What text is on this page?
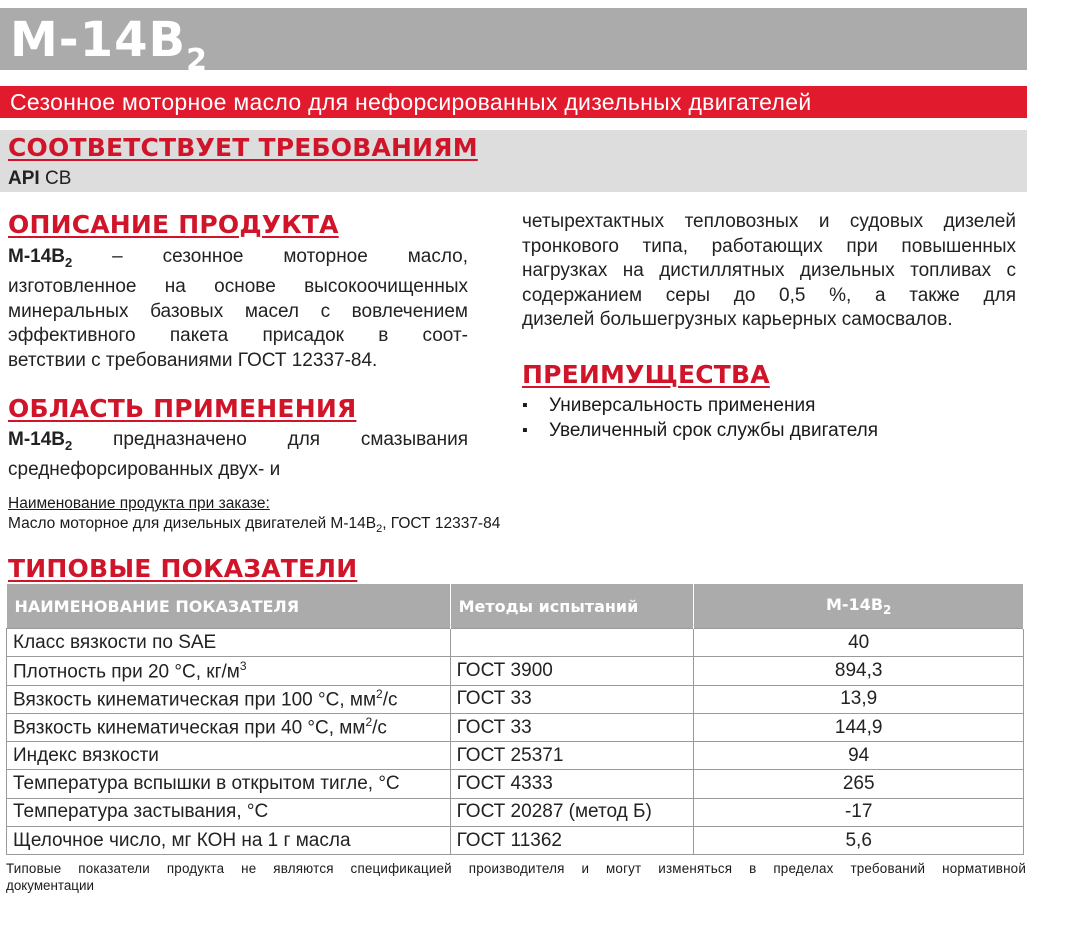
$М-14В_2$
Сезонное моторное масло для нефорсированных дизельных двигателей
СООТВЕТСТВУЕТ ТРЕБОВАНИЯМ
API CB
ОПИСАНИЕ ПРОДУКТА
$М-14В_2$ – сезонное моторное масло,
изготовленное на основе высокоочищенных
минеральных базовых масел с вовлечением
эффективного пакета присадок в соот-
ветствии с требованиями ГОСТ 12337-84.
ОБЛАСТЬ ПРИМЕНЕНИЯ
$М-14В_2$ предназначено для смазывания
среднефорсированных двух- и
четырехтактных тепловозных и судовых дизелей
тронкового типа, работающих при повышенных
нагрузках на дистиллятных дизельных топливах с
содержанием серы до 0,5 %, а также для
дизелей большегрузных карьерных самосвалов.
ПРЕИМУЩЕСТВА
▪ Универсальность применения
▪ Увеличенный срок службы двигателя
Наименование продукта при заказе:
Масло моторное для дизельных двигателей $М-14В_2$, ГОСТ 12337-84
ТИПОВЫЕ ПОКАЗАТЕЛИ
НАИМЕНОВАНИЕ ПОКАЗАТЕЛЯ	Методы испытаний	$М-14В_2$
Класс вязкости по SAE		40
Плотность при 20 °С, $кг/м^3$	ГОСТ 3900	894,3
Вязкость кинематическая при 100 °С, $мм^2/с$	ГОСТ 33	13,9
Вязкость кинематическая при 40 °С, $мм^2/с$	ГОСТ 33	144,9
Индекс вязкости	ГОСТ 25371	94
Температура вспышки в открытом тигле, °С	ГОСТ 4333	265
Температура застывания, °С	ГОСТ 20287 (метод Б)	-17
Щелочное число, мг КОН на 1 г масла	ГОСТ 11362	5,6
Типовые показатели продукта не являются спецификацией производителя и могут изменяться в пределах требований нормативной
документации
